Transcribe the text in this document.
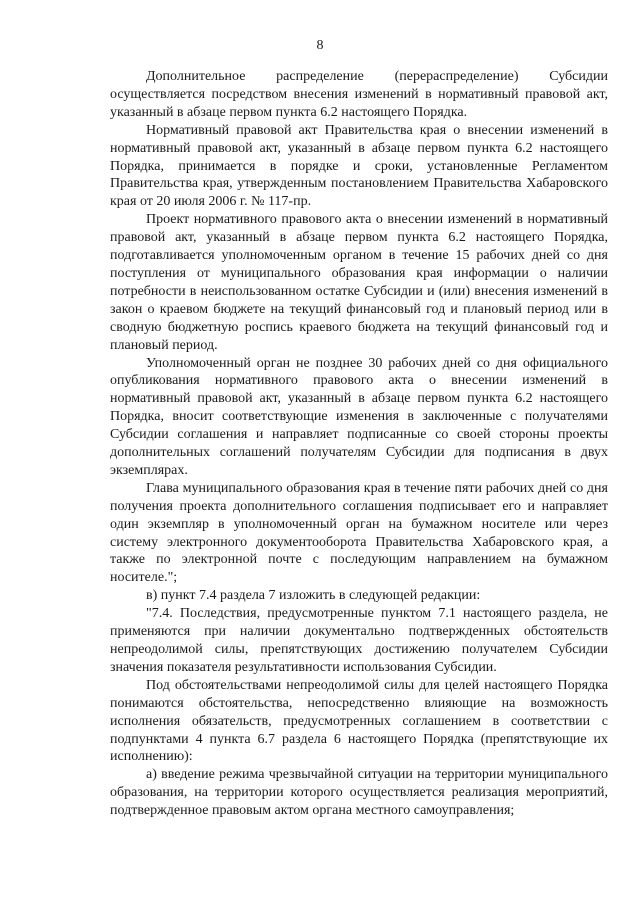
8

Дополнительное распределение (перераспределение) Субсидии осуществляется посредством внесения изменений в нормативный правовой акт, указанный в абзаце первом пункта 6.2 настоящего Порядка.

Нормативный правовой акт Правительства края о внесении изменений в нормативный правовой акт, указанный в абзаце первом пункта 6.2 настоящего Порядка, принимается в порядке и сроки, установленные Регламентом Правительства края, утвержденным постановлением Правительства Хабаровского края от 20 июля 2006 г. № 117-пр.

Проект нормативного правового акта о внесении изменений в нормативный правовой акт, указанный в абзаце первом пункта 6.2 настоящего Порядка, подготавливается уполномоченным органом в течение 15 рабочих дней со дня поступления от муниципального образования края информации о наличии потребности в неиспользованном остатке Субсидии и (или) внесения изменений в закон о краевом бюджете на текущий финансовый год и плановый период или в сводную бюджетную роспись краевого бюджета на текущий финансовый год и плановый период.

Уполномоченный орган не позднее 30 рабочих дней со дня официального опубликования нормативного правового акта о внесении изменений в нормативный правовой акт, указанный в абзаце первом пункта 6.2 настоящего Порядка, вносит соответствующие изменения в заключенные с получателями Субсидии соглашения и направляет подписанные со своей стороны проекты дополнительных соглашений получателям Субсидии для подписания в двух экземплярах.

Глава муниципального образования края в течение пяти рабочих дней со дня получения проекта дополнительного соглашения подписывает его и направляет один экземпляр в уполномоченный орган на бумажном носителе или через систему электронного документооборота Правительства Хабаровского края, а также по электронной почте с последующим направлением на бумажном носителе.";

в) пункт 7.4 раздела 7 изложить в следующей редакции:

"7.4. Последствия, предусмотренные пунктом 7.1 настоящего раздела, не применяются при наличии документально подтвержденных обстоятельств непреодолимой силы, препятствующих достижению получателем Субсидии значения показателя результативности использования Субсидии.

Под обстоятельствами непреодолимой силы для целей настоящего Порядка понимаются обстоятельства, непосредственно влияющие на возможность исполнения обязательств, предусмотренных соглашением в соответствии с подпунктами 4 пункта 6.7 раздела 6 настоящего Порядка (препятствующие их исполнению):

а) введение режима чрезвычайной ситуации на территории муниципального образования, на территории которого осуществляется реализация мероприятий, подтвержденное правовым актом органа местного самоуправления;
